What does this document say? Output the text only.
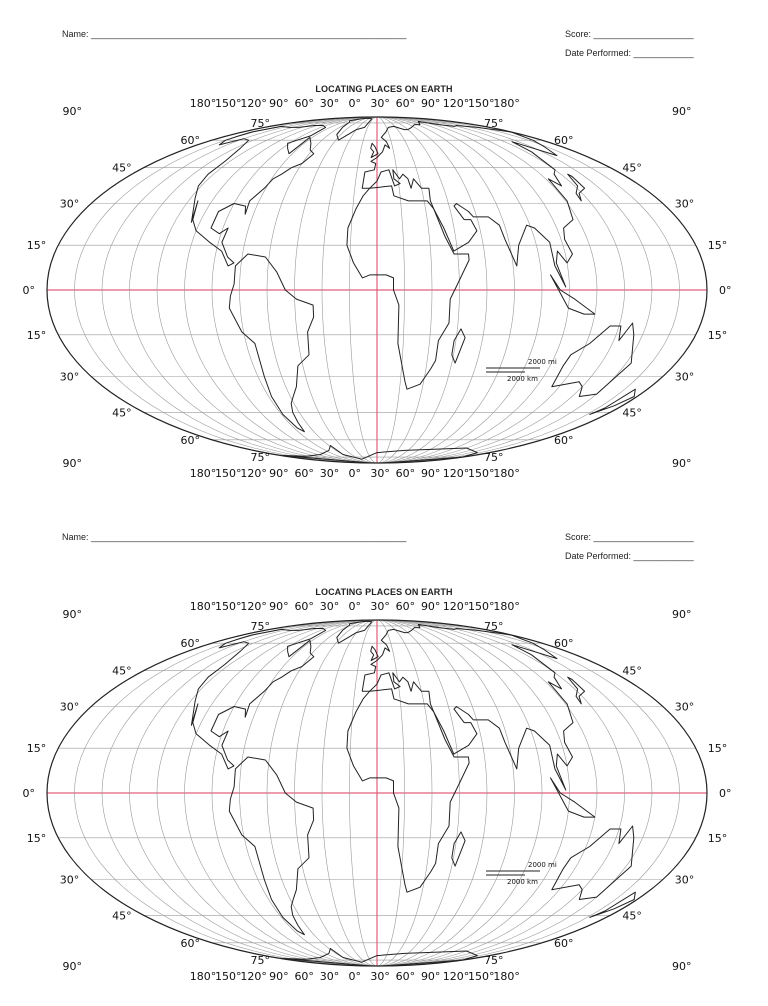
Name: _______________________________________________________________	Score: ____________________
Date Performed: ____________
LOCATING PLACES ON EARTH
180°
180°
150°
150°
120°
120°
90°
90°
60°
60°
30°
30°
0°
0°
30°
30°
60°
60°
90°
90°
120°
120°
150°
150°
180°
180°
90°	90°
75°	75°
60°	60°
45°	45°
30°	30°
15°	15°
0°	0°
15°	15°
30°	30°
45°	45°
60°	60°
75°	75°
90°	90°
2000 mi
2000 km
Name: _______________________________________________________________	Score: ____________________
Date Performed: ____________
LOCATING PLACES ON EARTH
180°
180°
150°
150°
120°
120°
90°
90°
60°
60°
30°
30°
0°
0°
30°
30°
60°
60°
90°
90°
120°
120°
150°
150°
180°
180°
90°	90°
75°	75°
60°	60°
45°	45°
30°	30°
15°	15°
0°	0°
15°	15°
30°	30°
45°	45°
60°	60°
75°	75°
90°	90°
2000 mi
2000 km
